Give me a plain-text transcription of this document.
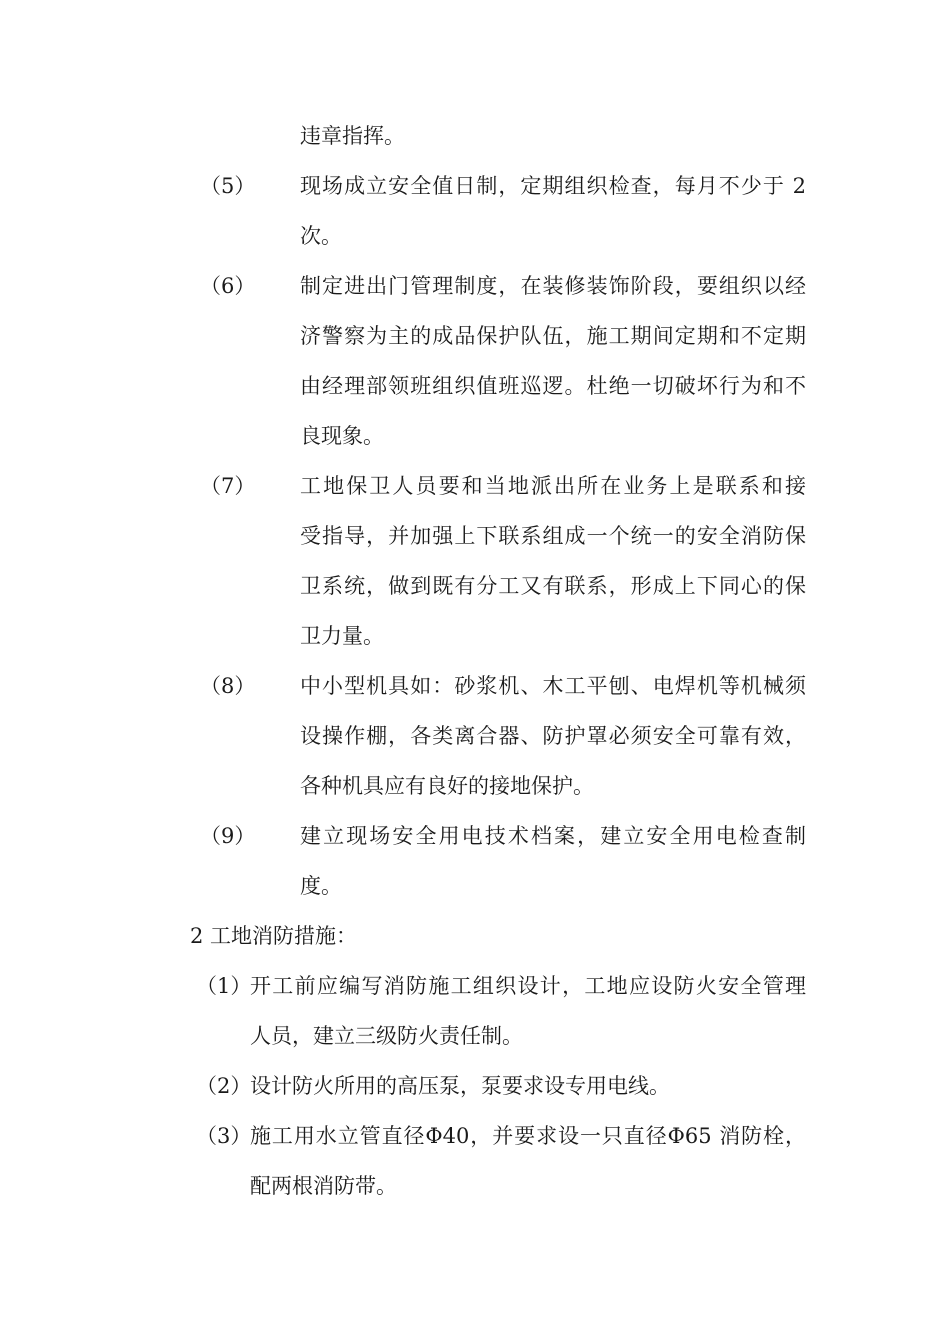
违章指挥。
（5） 现场成立安全值日制，定期组织检查，每月不少于 2
次。
（6） 制定进出门管理制度，在装修装饰阶段，要组织以经
济警察为主的成品保护队伍，施工期间定期和不定期
由经理部领班组织值班巡逻。杜绝一切破坏行为和不
良现象。
（7） 工地保卫人员要和当地派出所在业务上是联系和接
受指导，并加强上下联系组成一个统一的安全消防保
卫系统，做到既有分工又有联系，形成上下同心的保
卫力量。
（8） 中小型机具如：砂浆机、木工平刨、电焊机等机械须
设操作棚，各类离合器、防护罩必须安全可靠有效，
各种机具应有良好的接地保护。
（9） 建立现场安全用电技术档案，建立安全用电检查制
度。
2 工地消防措施：
（1）
开工前应编写消防施工组织设计，工地应设防火安全管理
人员，建立三级防火责任制。
（2）
设计防火所用的高压泵，泵要求设专用电线。
（3）
施工用水立管直径Φ40，并要求设一只直径Φ65 消防栓，
配两根消防带。
